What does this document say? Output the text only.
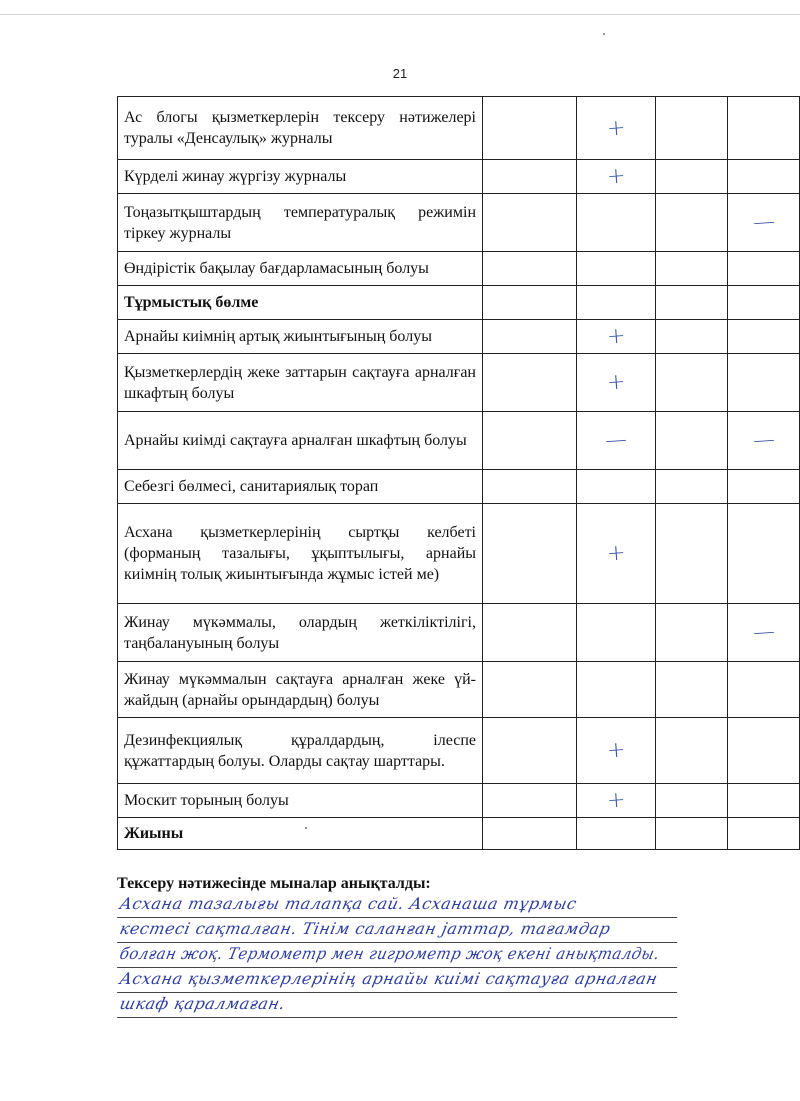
21
Ас блогы қызметкерлерін тексеру нәтижелері туралы «Денсаулық» журналы		+		
Күрделі жинау жүргізу журналы		+		
Тоңазытқыштардың температуралық режимін тіркеу журналы				—
Өндірістік бақылау бағдарламасының болуы				
Тұрмыстық бөлме				
Арнайы киімнің артық жиынтығының болуы		+		
Қызметкерлердің жеке заттарын сақтауға арналған шкафтың болуы		+		
Арнайы киімді сақтауға арналған шкафтың болуы		—		—
Себезгі бөлмесі, санитариялық торап				
Асхана қызметкерлерінің сыртқы келбеті (форманың тазалығы, ұқыптылығы, арнайы киімнің толық жиынтығында жұмыс істей ме)		+		
Жинау мүкәммалы, олардың жеткіліктілігі, таңбалануының болуы				—
Жинау мүкәммалын сақтауға арналған жеке үй-жайдың (арнайы орындардың) болуы				
Дезинфекциялық құралдардың, ілеспе құжаттардың болуы. Оларды сақтау шарттары.		+		
Москит торының болуы		+		
Жиыны				
Тексеру нәтижесінде мыналар анықталды:
Асхана тазалығы талапқа сай. Асханаша тұрмыс
кестесі сақталған. Тінім саланған jаттар, тағамдар
болған жоқ. Термометр мен гигрометр жоқ екені анықталды.
Асхана қызметкерлерінің арнайы киімі сақтауға арналған
шкаф қаралмаған.
